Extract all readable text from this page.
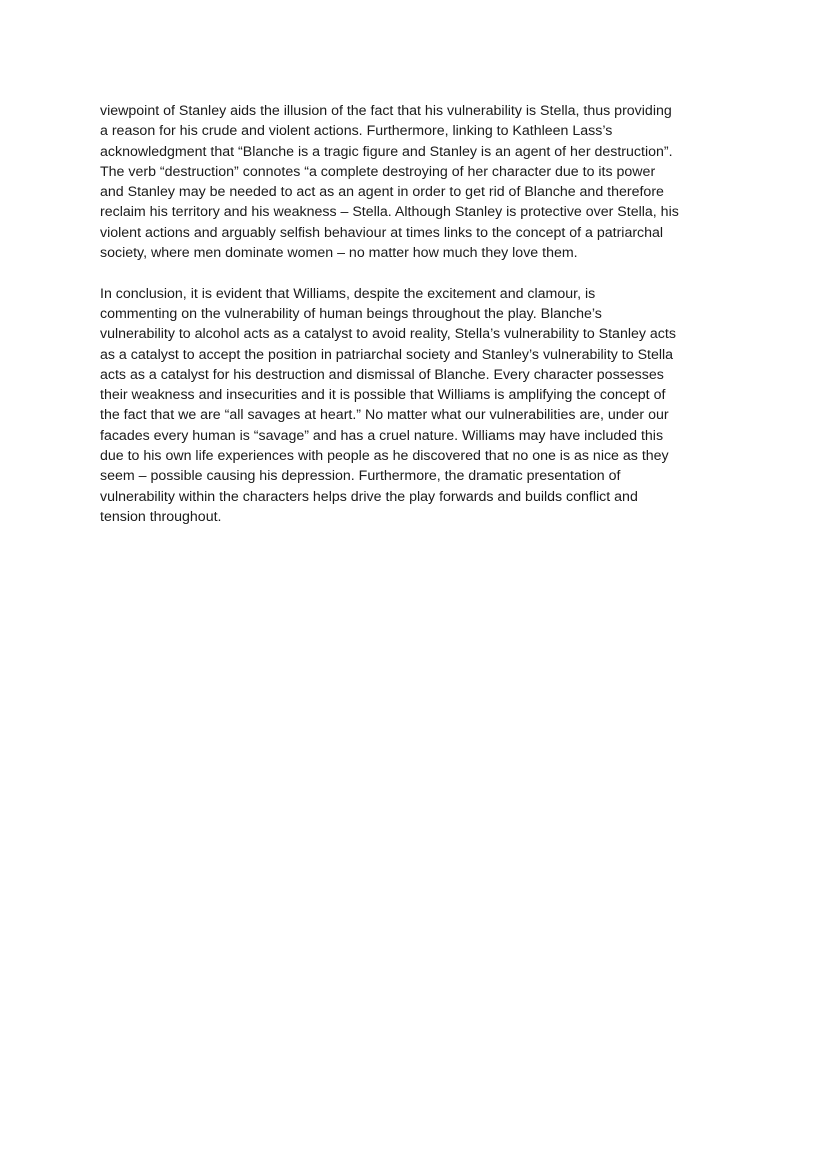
viewpoint of Stanley aids the illusion of the fact that his vulnerability is Stella, thus providing
a reason for his crude and violent actions. Furthermore, linking to Kathleen Lass’s
acknowledgment that “Blanche is a tragic figure and Stanley is an agent of her destruction”.
The verb “destruction” connotes “a complete destroying of her character due to its power
and Stanley may be needed to act as an agent in order to get rid of Blanche and therefore
reclaim his territory and his weakness – Stella. Although Stanley is protective over Stella, his
violent actions and arguably selfish behaviour at times links to the concept of a patriarchal
society, where men dominate women – no matter how much they love them.

In conclusion, it is evident that Williams, despite the excitement and clamour, is
commenting on the vulnerability of human beings throughout the play. Blanche’s
vulnerability to alcohol acts as a catalyst to avoid reality, Stella’s vulnerability to Stanley acts
as a catalyst to accept the position in patriarchal society and Stanley’s vulnerability to Stella
acts as a catalyst for his destruction and dismissal of Blanche. Every character possesses
their weakness and insecurities and it is possible that Williams is amplifying the concept of
the fact that we are “all savages at heart.” No matter what our vulnerabilities are, under our
facades every human is “savage” and has a cruel nature. Williams may have included this
due to his own life experiences with people as he discovered that no one is as nice as they
seem – possible causing his depression. Furthermore, the dramatic presentation of
vulnerability within the characters helps drive the play forwards and builds conflict and
tension throughout.
